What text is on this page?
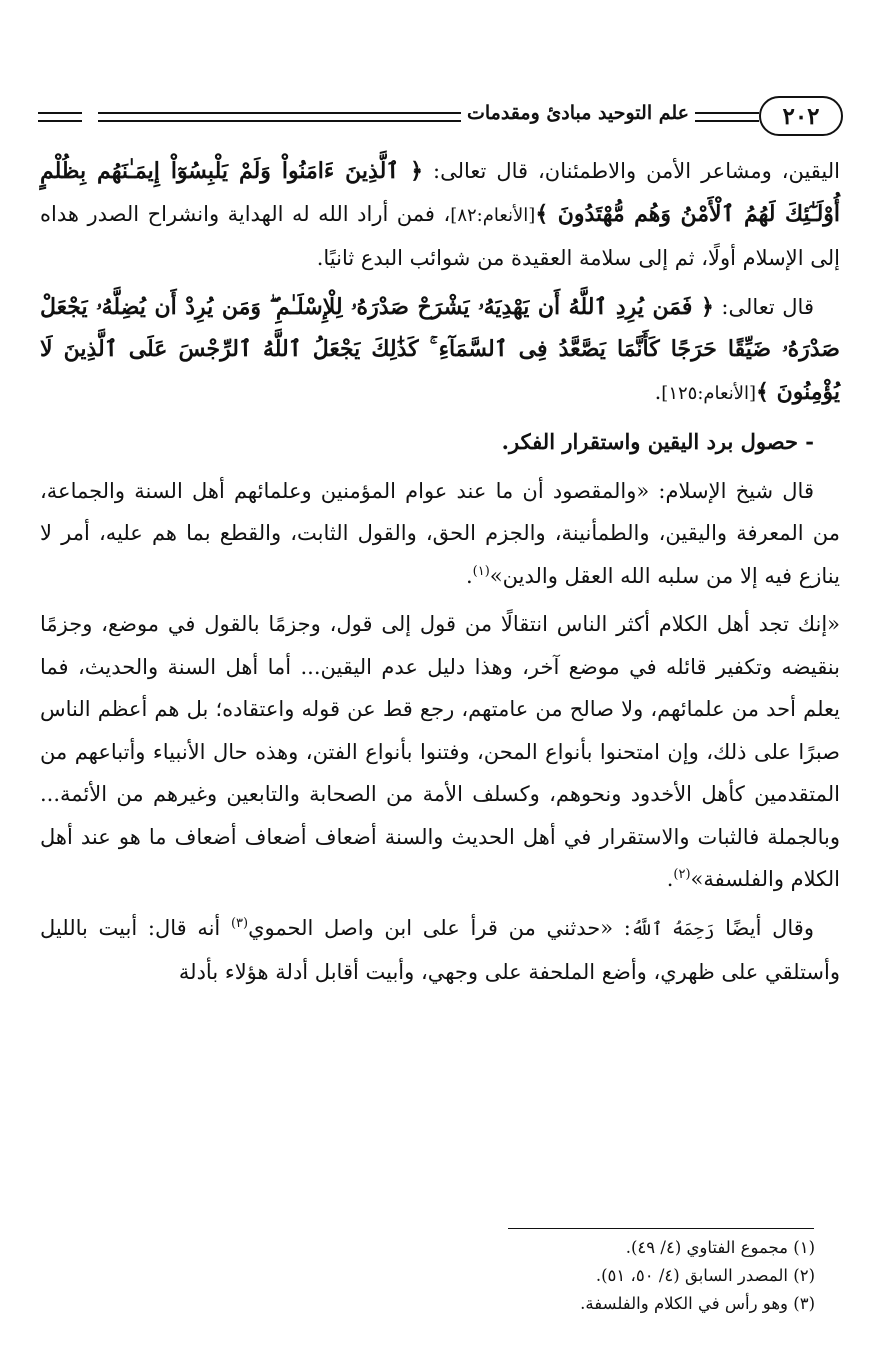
٢٠٢
علم التوحيد مبادئ ومقدمات

اليقين، ومشاعر الأمن والاطمئنان، قال تعالى: ﴿ ٱلَّذِينَ ءَامَنُواْ وَلَمْ يَلْبِسُوٓاْ إِيمَـٰنَهُم بِظُلْمٍ أُوْلَـٰٓئِكَ لَهُمُ ٱلْأَمْنُ وَهُم مُّهْتَدُونَ ﴾[الأنعام:٨٢]، فمن أراد الله له الهداية وانشراح الصدر هداه إلى الإسلام أولًا، ثم إلى سلامة العقيدة من شوائب البدع ثانيًا.

قال تعالى: ﴿ فَمَن يُرِدِ ٱللَّهُ أَن يَهْدِيَهُۥ يَشْرَحْ صَدْرَهُۥ لِلْإِسْلَـٰمِ ۖ وَمَن يُرِدْ أَن يُضِلَّهُۥ يَجْعَلْ صَدْرَهُۥ ضَيِّقًا حَرَجًا كَأَنَّمَا يَصَّعَّدُ فِى ٱلسَّمَآءِ ۚ كَذَٰلِكَ يَجْعَلُ ٱللَّهُ ٱلرِّجْسَ عَلَى ٱلَّذِينَ لَا يُؤْمِنُونَ ﴾[الأنعام:١٢٥].

- حصول برد اليقين واستقرار الفكر.

قال شيخ الإسلام: «والمقصود أن ما عند عوام المؤمنين وعلمائهم أهل السنة والجماعة، من المعرفة واليقين، والطمأنينة، والجزم الحق، والقول الثابت، والقطع بما هم عليه، أمر لا ينازع فيه إلا من سلبه الله العقل والدين»$^{(١)}$.

«إنك تجد أهل الكلام أكثر الناس انتقالًا من قول إلى قول، وجزمًا بالقول في موضع، وجزمًا بنقيضه وتكفير قائله في موضع آخر، وهذا دليل عدم اليقين... أما أهل السنة والحديث، فما يعلم أحد من علمائهم، ولا صالح من عامتهم، رجع قط عن قوله واعتقاده؛ بل هم أعظم الناس صبرًا على ذلك، وإن امتحنوا بأنواع المحن، وفتنوا بأنواع الفتن، وهذه حال الأنبياء وأتباعهم من المتقدمين كأهل الأخدود ونحوهم، وكسلف الأمة من الصحابة والتابعين وغيرهم من الأئمة... وبالجملة فالثبات والاستقرار في أهل الحديث والسنة أضعاف أضعاف أضعاف ما هو عند أهل الكلام والفلسفة»$^{(٢)}$.

وقال أيضًا رَحِمَهُ ٱللَّهُ: «حدثني من قرأ على ابن واصل الحموي$^{(٣)}$ أنه قال: أبيت بالليل وأستلقي على ظهري، وأضع الملحفة على وجهي، وأبيت أقابل أدلة هؤلاء بأدلة

(١) مجموع الفتاوي (٤/ ٤٩).

(٢) المصدر السابق (٤/ ٥٠، ٥١).

(٣) وهو رأس في الكلام والفلسفة.
